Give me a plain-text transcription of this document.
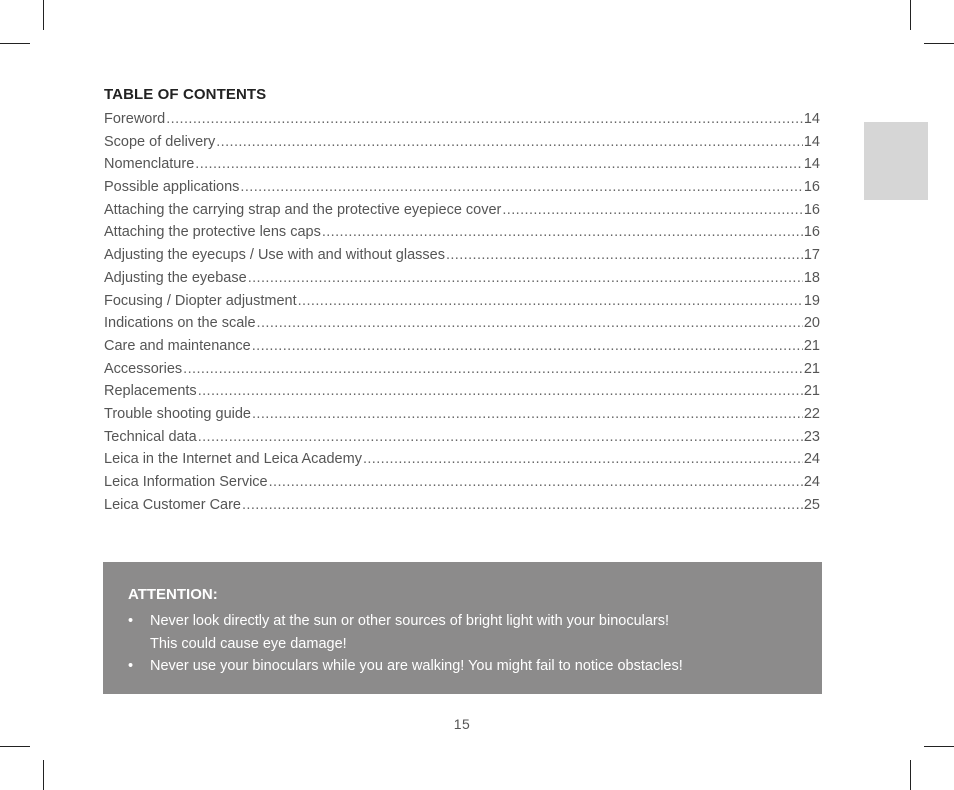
TABLE OF CONTENTS
Foreword .....	14
Scope of delivery .....	14
Nomenclature .....	14
Possible applications .....	16
Attaching the carrying strap and the protective eyepiece cover .....	16
Attaching the protective lens caps .....	16
Adjusting the eyecups / Use with and without glasses .....	17
Adjusting the eyebase .....	18
Focusing / Diopter adjustment .....	19
Indications on the scale .....	20
Care and maintenance .....	21
Accessories .....	21
Replacements .....	21
Trouble shooting guide .....	22
Technical data .....	23
Leica in the Internet and Leica Academy .....	24
Leica Information Service .....	24
Leica Customer Care .....	25
ATTENTION:
•	Never look directly at the sun or other sources of bright light with your binoculars!
This could cause eye damage!
•	Never use your binoculars while you are walking! You might fail to notice obstacles!
15
